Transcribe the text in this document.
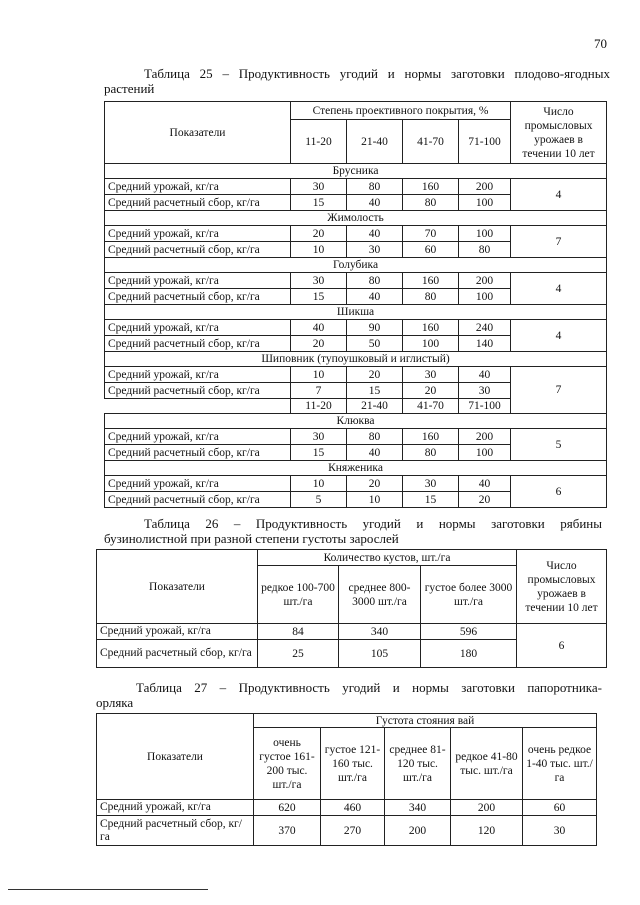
70
Таблица 25 – Продуктивность угодий и нормы заготовки плодово-ягодных
растений
Показатели	Степень проективного покрытия, %				Число промысловых урожаев в течении 10 лет
	11-20	21-40	41-70	71-100	
Брусника					
Средний урожай, кг/га	30	80	160	200	4
Средний расчетный сбор, кг/га	15	40	80	100	
Жимолость					
Средний урожай, кг/га	20	40	70	100	7
Средний расчетный сбор, кг/га	10	30	60	80	
Голубика					
Средний урожай, кг/га	30	80	160	200	4
Средний расчетный сбор, кг/га	15	40	80	100	
Шикша					
Средний урожай, кг/га	40	90	160	240	4
Средний расчетный сбор, кг/га	20	50	100	140	
Шиповник (тупоушковый и иглистый)					
Средний урожай, кг/га	10	20	30	40	7
Средний расчетный сбор, кг/га	7	15	20	30	
	11-20	21-40	41-70	71-100	
Клюква					
Средний урожай, кг/га	30	80	160	200	5
Средний расчетный сбор, кг/га	15	40	80	100	
Княженика					
Средний урожай, кг/га	10	20	30	40	6
Средний расчетный сбор, кг/га	5	10	15	20	
Таблица 26 – Продуктивность угодий и нормы заготовки рябины
бузинолистной при разной степени густоты зарослей
Показатели	Количество кустов, шт./га			Число промысловых урожаев в течении 10 лет
	редкое 100-700 шт./га	среднее 800-3000 шт./га	густое более 3000 шт./га	
Средний урожай, кг/га	84	340	596	6
Средний расчетный сбор, кг/га	25	105	180	
Таблица 27 – Продуктивность угодий и нормы заготовки папоротника-
орляка
Показатели	Густота стояния вай				
	очень густое 161-200 тыс. шт./га	густое 121-160 тыс. шт./га	среднее 81-120 тыс. шт./га	редкое 41-80 тыс. шт./га	очень редкое 1-40 тыс. шт./га
Средний урожай, кг/га	620	460	340	200	60
Средний расчетный сбор, кг/га	370	270	200	120	30
